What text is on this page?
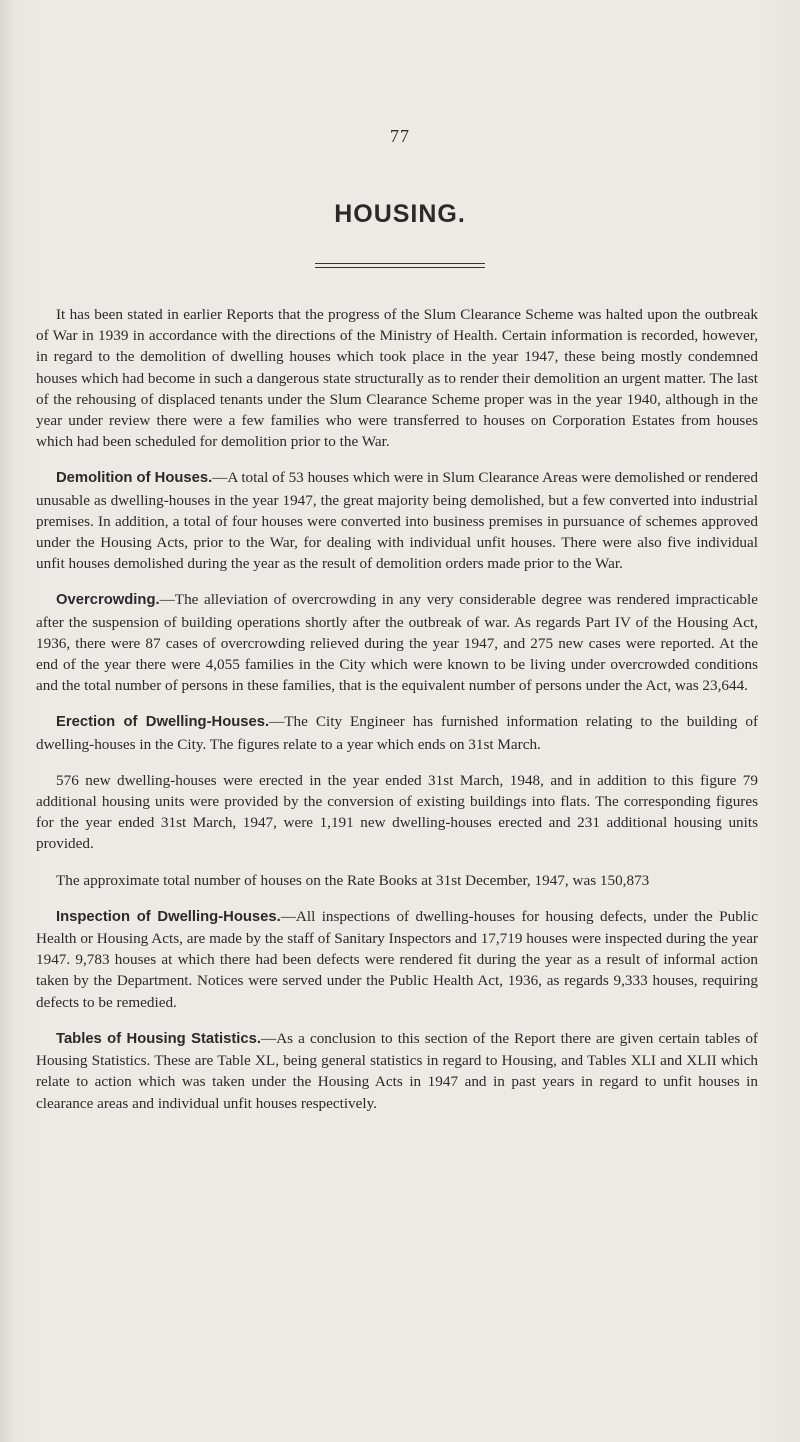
77
HOUSING.

It has been stated in earlier Reports that the progress of the Slum Clearance Scheme was halted upon the outbreak of War in 1939 in accordance with the directions of the Ministry of Health. Certain information is recorded, however, in regard to the demolition of dwelling houses which took place in the year 1947, these being mostly condemned houses which had become in such a dangerous state structurally as to render their demolition an urgent matter. The last of the rehousing of displaced tenants under the Slum Clearance Scheme proper was in the year 1940, although in the year under review there were a few families who were transferred to houses on Corporation Estates from houses which had been scheduled for demolition prior to the War.

Demolition of Houses.—A total of 53 houses which were in Slum Clearance Areas were demolished or rendered unusable as dwelling-houses in the year 1947, the great majority being demolished, but a few converted into industrial premises. In addition, a total of four houses were converted into business premises in pursuance of schemes approved under the Housing Acts, prior to the War, for dealing with individual unfit houses. There were also five individual unfit houses demolished during the year as the result of demolition orders made prior to the War.

Overcrowding.—The alleviation of overcrowding in any very considerable degree was rendered impracticable after the suspension of building operations shortly after the outbreak of war. As regards Part IV of the Housing Act, 1936, there were 87 cases of overcrowding relieved during the year 1947, and 275 new cases were reported. At the end of the year there were 4,055 families in the City which were known to be living under overcrowded conditions and the total number of persons in these families, that is the equivalent number of persons under the Act, was 23,644.

Erection of Dwelling-Houses.—The City Engineer has furnished information relating to the building of dwelling-houses in the City. The figures relate to a year which ends on 31st March.

576 new dwelling-houses were erected in the year ended 31st March, 1948, and in addition to this figure 79 additional housing units were provided by the conversion of existing buildings into flats. The corresponding figures for the year ended 31st March, 1947, were 1,191 new dwelling-houses erected and 231 additional housing units provided.

The approximate total number of houses on the Rate Books at 31st December, 1947, was 150,873

Inspection of Dwelling-Houses.—All inspections of dwelling-houses for housing defects, under the Public Health or Housing Acts, are made by the staff of Sanitary Inspectors and 17,719 houses were inspected during the year 1947. 9,783 houses at which there had been defects were rendered fit during the year as a result of informal action taken by the Department. Notices were served under the Public Health Act, 1936, as regards 9,333 houses, requiring defects to be remedied.

Tables of Housing Statistics.—As a conclusion to this section of the Report there are given certain tables of Housing Statistics. These are Table XL, being general statistics in regard to Housing, and Tables XLI and XLII which relate to action which was taken under the Housing Acts in 1947 and in past years in regard to unfit houses in clearance areas and individual unfit houses respectively.
